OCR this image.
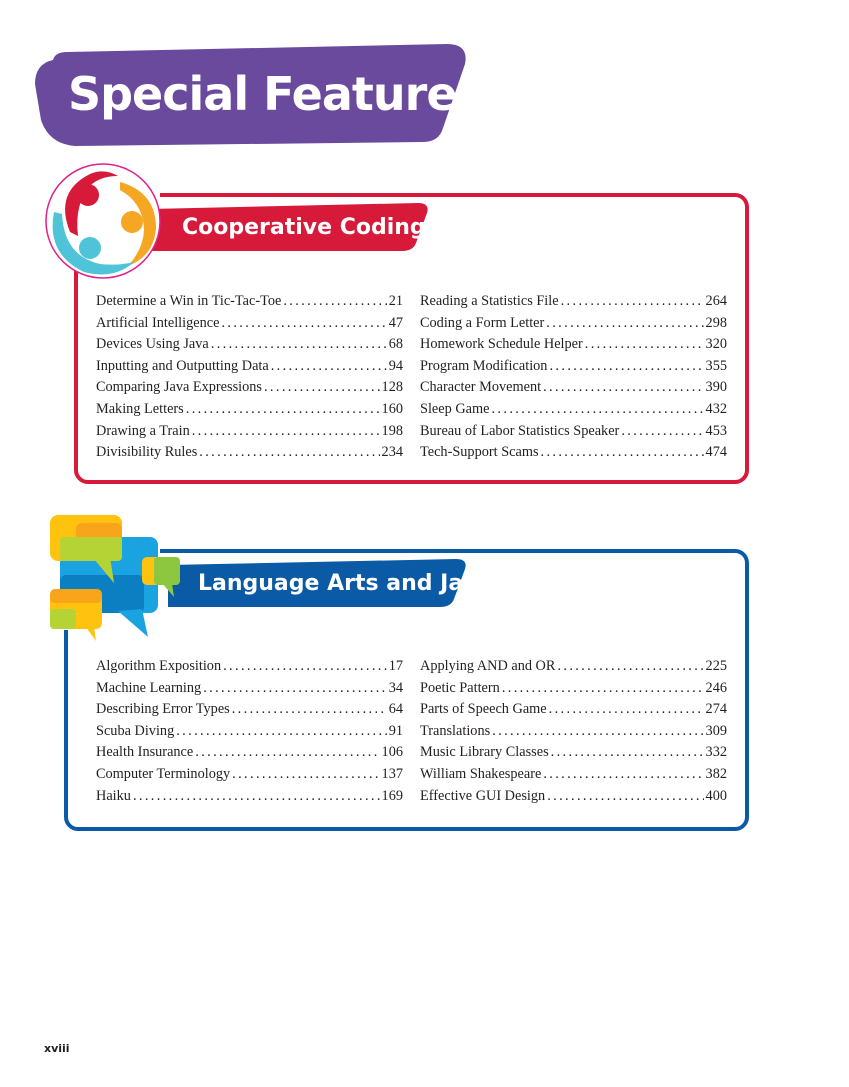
Special Features
Cooperative Coding
Determine a Win in Tic-Tac-Toe . . .	21
Artificial Intelligence . . .	47
Devices Using Java . . .	68
Inputting and Outputting Data . . .	94
Comparing Java Expressions . . .	128
Making Letters . . .	160
Drawing a Train . . .	198
Divisibility Rules . . .	234
Reading a Statistics File . . .	264
Coding a Form Letter . . .	298
Homework Schedule Helper . . .	320
Program Modification . . .	355
Character Movement . . .	390
Sleep Game . . .	432
Bureau of Labor Statistics Speaker . . .	453
Tech-Support Scams . . .	474
Language Arts and Java
Algorithm Exposition . . .	17
Machine Learning . . .	34
Describing Error Types . . .	64
Scuba Diving . . .	91
Health Insurance . . .	106
Computer Terminology . . .	137
Haiku . . .	169
Applying AND and OR . . .	225
Poetic Pattern . . .	246
Parts of Speech Game . . .	274
Translations . . .	309
Music Library Classes . . .	332
William Shakespeare . . .	382
Effective GUI Design . . .	400
xviii
